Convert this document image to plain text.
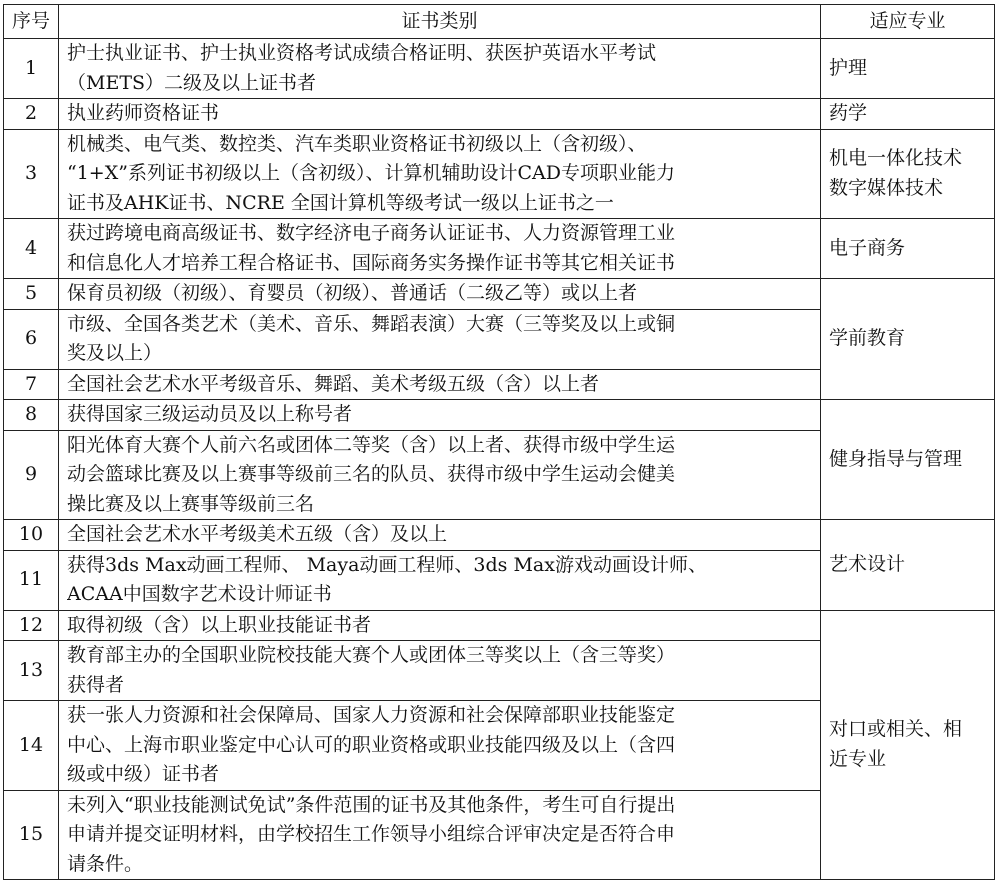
序号	证书类别	适应专业
1	护士执业证书、护士执业资格考试成绩合格证明、获医护英语水平考试
（METS）二级及以上证书者	护理

2	执业药师资格证书	药学

3	机械类、电气类、数控类、汽车类职业资格证书初级以上（含初级）、
“1+X”系列证书初级以上（含初级）、计算机辅助设计CAD专项职业能力
证书及AHK证书、NCRE 全国计算机等级考试一级以上证书之一	机电一体化技术
数字媒体技术

4	获过跨境电商高级证书、数字经济电子商务认证证书、人力资源管理工业
和信息化人才培养工程合格证书、国际商务实务操作证书等其它相关证书	电子商务

5	保育员初级（初级）、育婴员（初级）、普通话（二级乙等）或以上者	学前教育

6	市级、全国各类艺术（美术、音乐、舞蹈表演）大赛（三等奖及以上或铜
奖及以上）	

7	全国社会艺术水平考级音乐、舞蹈、美术考级五级（含）以上者	

8	获得国家三级运动员及以上称号者	健身指导与管理

9	阳光体育大赛个人前六名或团体二等奖（含）以上者、获得市级中学生运
动会篮球比赛及以上赛事等级前三名的队员、获得市级中学生运动会健美
操比赛及以上赛事等级前三名	

10	全国社会艺术水平考级美术五级（含）及以上	艺术设计

11	获得3ds Max动画工程师、 Maya动画工程师、3ds Max游戏动画设计师、
ACAA中国数字艺术设计师证书	

12	取得初级（含）以上职业技能证书者	对口或相关、相
近专业

13	教育部主办的全国职业院校技能大赛个人或团体三等奖以上（含三等奖）
获得者	

14	获一张人力资源和社会保障局、国家人力资源和社会保障部职业技能鉴定
中心、上海市职业鉴定中心认可的职业资格或职业技能四级及以上（含四
级或中级）证书者	

15	未列入“职业技能测试免试”条件范围的证书及其他条件，考生可自行提出
申请并提交证明材料，由学校招生工作领导小组综合评审决定是否符合申
请条件。	
